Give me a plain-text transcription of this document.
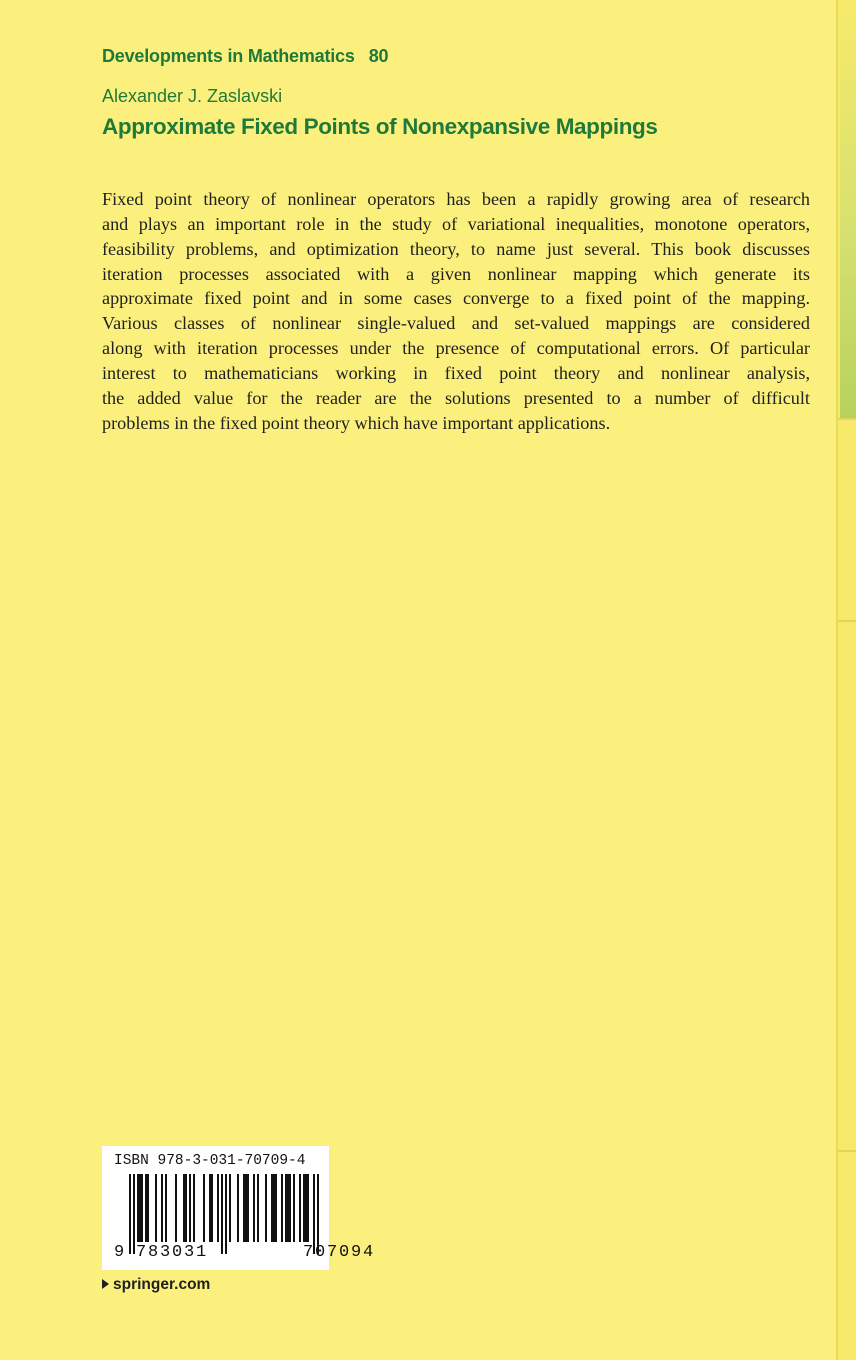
Developments in Mathematics 80

Alexander J. Zaslavski

Approximate Fixed Points of Nonexpansive Mappings
Fixed point theory of nonlinear operators has been a rapidly growing area of research
and plays an important role in the study of variational inequalities, monotone operators,
feasibility problems, and optimization theory, to name just several. This book discusses
iteration processes associated with a given nonlinear mapping which generate its
approximate fixed point and in some cases converge to a fixed point of the mapping.
Various classes of nonlinear single-valued and set-valued mappings are considered
along with iteration processes under the presence of computational errors. Of particular
interest to mathematicians working in fixed point theory and nonlinear analysis,
the added value for the reader are the solutions presented to a number of difficult
problems in the fixed point theory which have important applications.

ISBN 978-3-031-70709-4

9 783031	707094

springer.com
